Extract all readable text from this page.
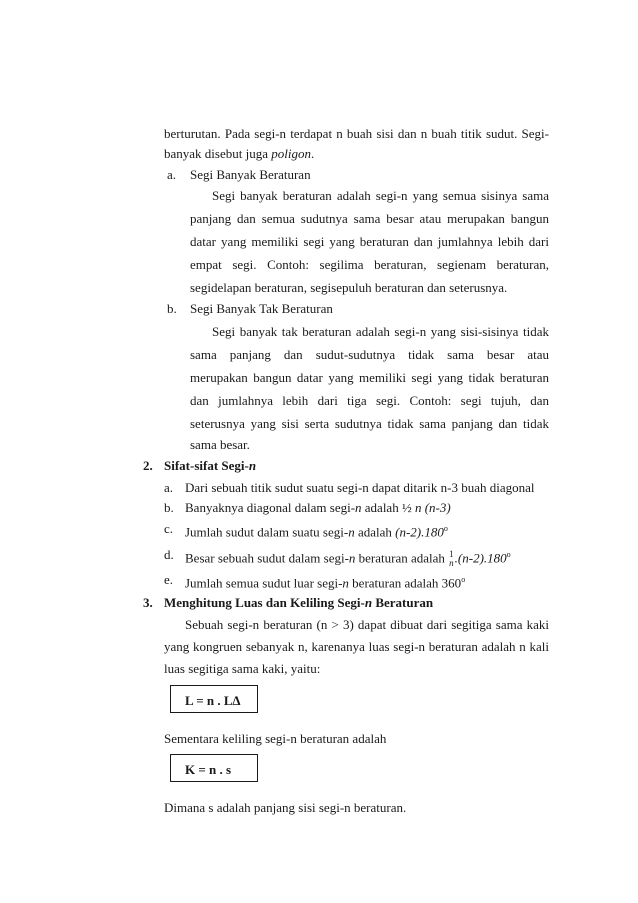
berturutan. Pada segi-n terdapat n buah sisi dan n buah titik sudut. Segi-
banyak disebut juga poligon.
a. Segi Banyak Beraturan
Segi banyak beraturan adalah segi-n yang semua sisinya sama
panjang dan semua sudutnya sama besar atau merupakan bangun
datar yang memiliki segi yang beraturan dan jumlahnya lebih dari
empat segi. Contoh: segilima beraturan, segienam beraturan,
segidelapan beraturan, segisepuluh beraturan dan seterusnya.
b. Segi Banyak Tak Beraturan
Segi banyak tak beraturan adalah segi-n yang sisi-sisinya tidak
sama panjang dan sudut-sudutnya tidak sama besar atau
merupakan bangun datar yang memiliki segi yang tidak beraturan
dan jumlahnya lebih dari tiga segi. Contoh: segi tujuh, dan
seterusnya yang sisi serta sudutnya tidak sama panjang dan tidak
sama besar.
2. Sifat-sifat Segi-n
a. Dari sebuah titik sudut suatu segi-n dapat ditarik n-3 buah diagonal
b. Banyaknya diagonal dalam segi-n adalah ½ n (n-3)
c. Jumlah sudut dalam suatu segi-n adalah (n-2).180$^o$
d. Besar sebuah sudut dalam segi-n beraturan adalah 1
n.(n-2).180$^o$
e. Jumlah semua sudut luar segi-n beraturan adalah 360$^o$
3. Menghitung Luas dan Keliling Segi-n Beraturan
Sebuah segi-n beraturan (n > 3) dapat dibuat dari segitiga sama kaki
yang kongruen sebanyak n, karenanya luas segi-n beraturan adalah n kali
luas segitiga sama kaki, yaitu:
L = n . L∆
Sementara keliling segi-n beraturan adalah
K = n . s
Dimana s adalah panjang sisi segi-n beraturan.
